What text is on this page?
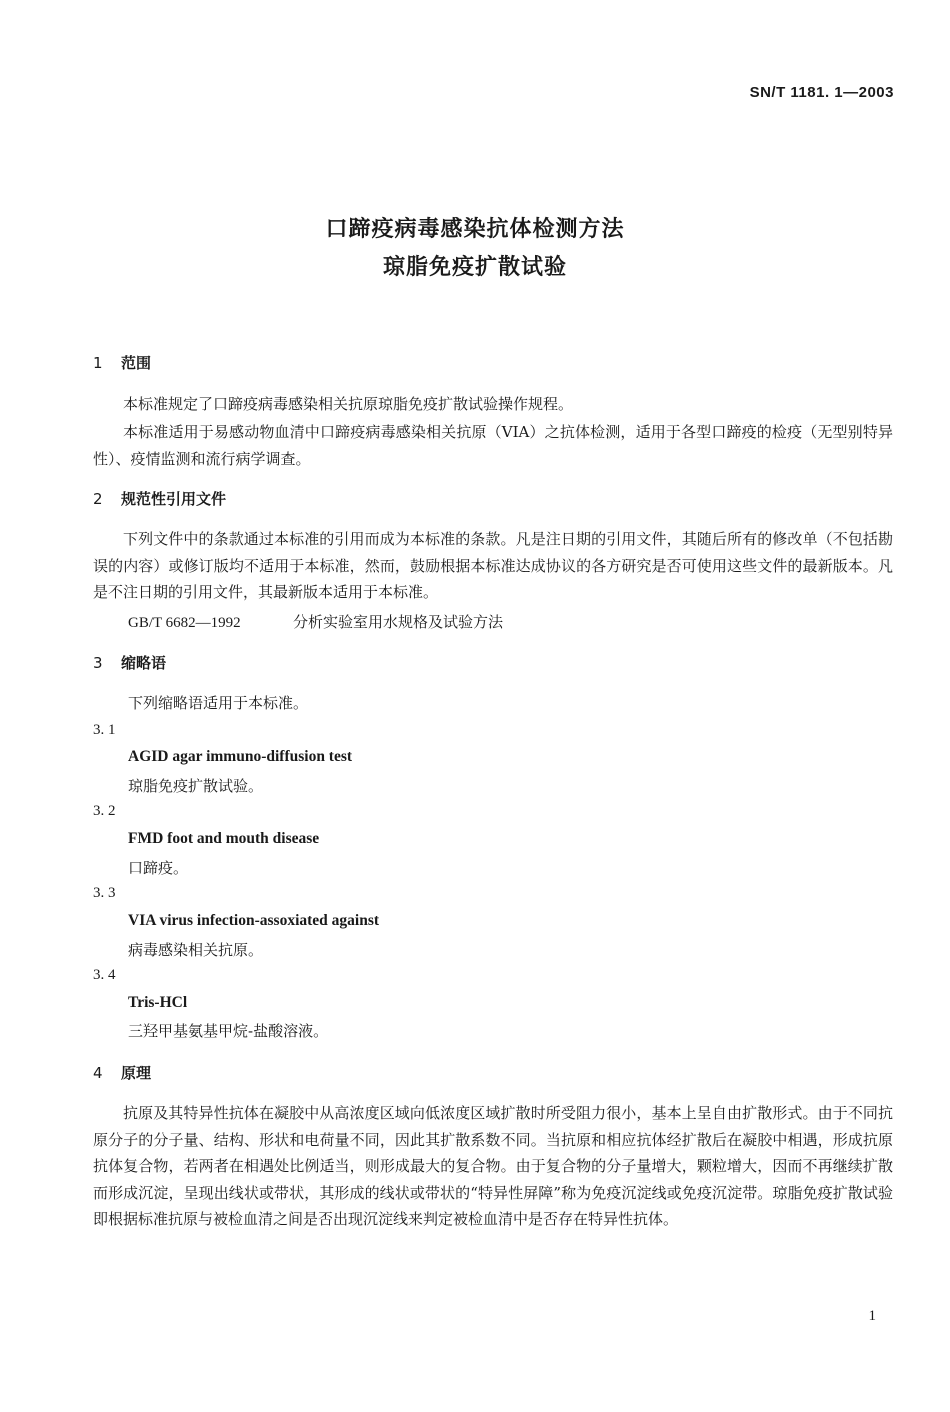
SN/T 1181. 1—2003
口蹄疫病毒感染抗体检测方法
琼脂免疫扩散试验
1 范围
本标准规定了口蹄疫病毒感染相关抗原琼脂免疫扩散试验操作规程。
本标准适用于易感动物血清中口蹄疫病毒感染相关抗原（VIA）之抗体检测，适用于各型口蹄疫的检疫（无型别特异性）、疫情监测和流行病学调查。
2 规范性引用文件
下列文件中的条款通过本标准的引用而成为本标准的条款。凡是注日期的引用文件，其随后所有的修改单（不包括勘误的内容）或修订版均不适用于本标准，然而，鼓励根据本标准达成协议的各方研究是否可使用这些文件的最新版本。凡是不注日期的引用文件，其最新版本适用于本标准。
GB/T 6682—1992	分析实验室用水规格及试验方法
3 缩略语
下列缩略语适用于本标准。
3. 1
AGID agar immuno-diffusion test
琼脂免疫扩散试验。
3. 2
FMD foot and mouth disease
口蹄疫。
3. 3
VIA virus infection-assoxiated against
病毒感染相关抗原。
3. 4
Tris-HCl
三羟甲基氨基甲烷-盐酸溶液。
4 原理
抗原及其特异性抗体在凝胶中从高浓度区域向低浓度区域扩散时所受阻力很小，基本上呈自由扩散形式。由于不同抗原分子的分子量、结构、形状和电荷量不同，因此其扩散系数不同。当抗原和相应抗体经扩散后在凝胶中相遇，形成抗原抗体复合物，若两者在相遇处比例适当，则形成最大的复合物。由于复合物的分子量增大，颗粒增大，因而不再继续扩散而形成沉淀，呈现出线状或带状，其形成的线状或带状的“特异性屏障”称为免疫沉淀线或免疫沉淀带。琼脂免疫扩散试验即根据标准抗原与被检血清之间是否出现沉淀线来判定被检血清中是否存在特异性抗体。
1
